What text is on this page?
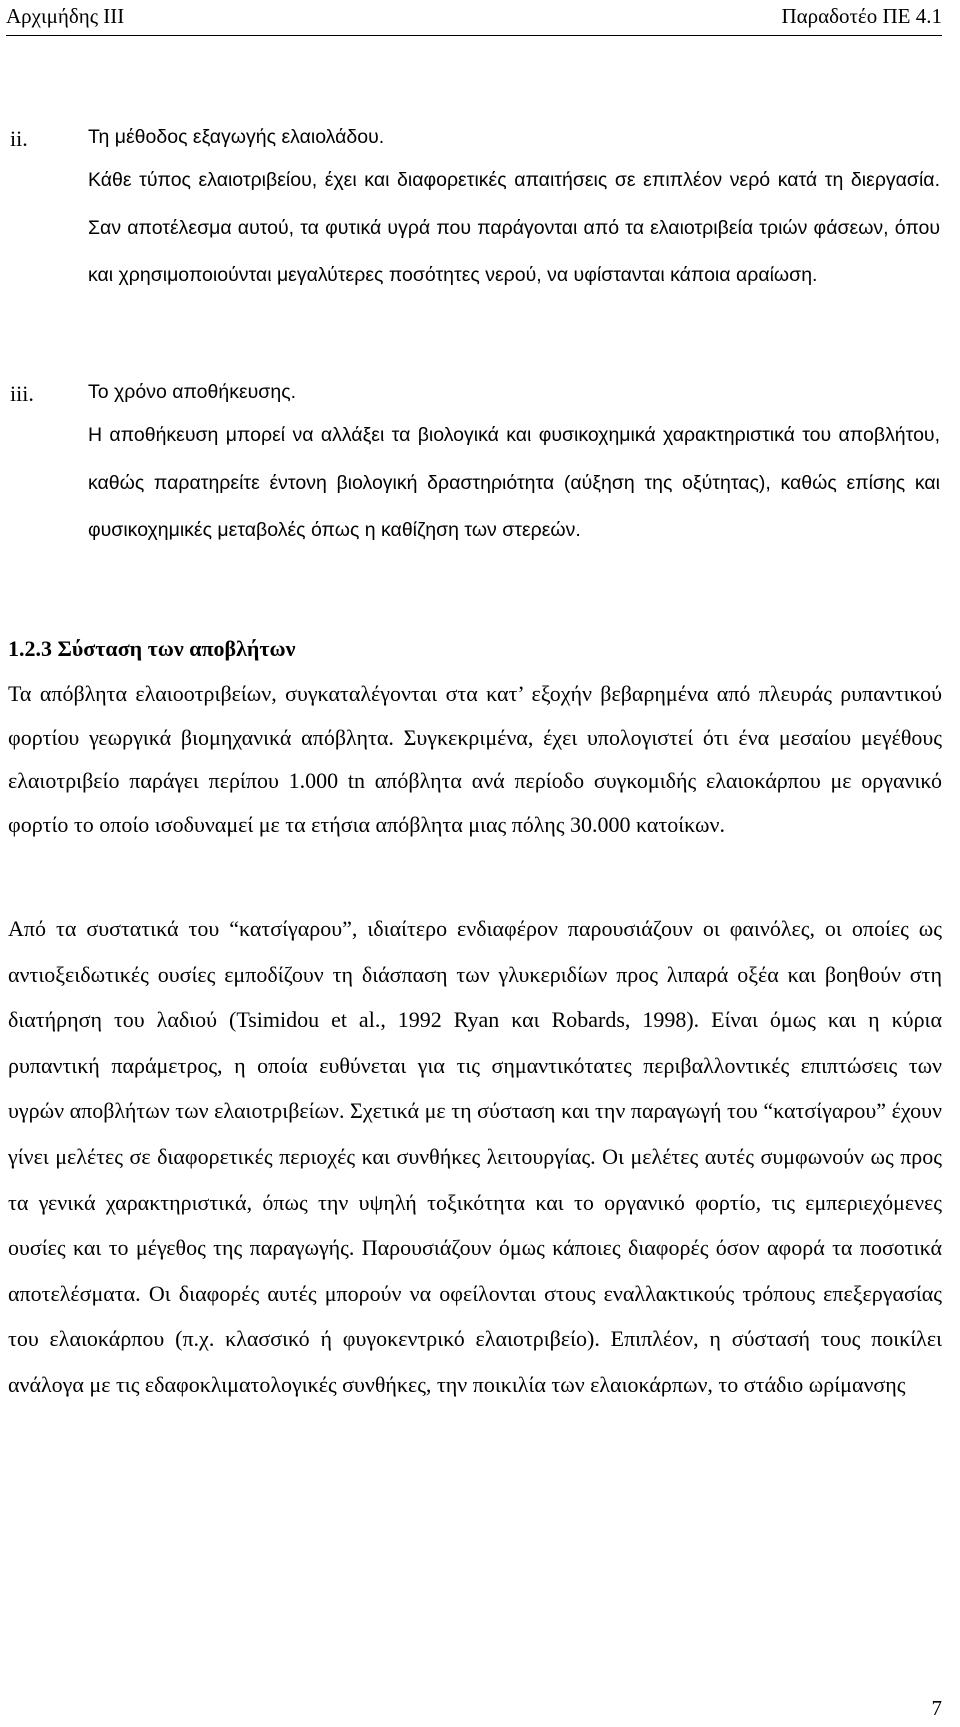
Αρχιμήδης ΙΙΙ	Παραδοτέο ΠΕ 4.1
ii.	Τη μέθοδος εξαγωγής ελαιολάδου.
Κάθε τύπος ελαιοτριβείου, έχει και διαφορετικές απαιτήσεις σε επιπλέον νερό κατά τη διεργασία. Σαν αποτέλεσμα αυτού, τα φυτικά υγρά που παράγονται από τα ελαιοτριβεία τριών φάσεων, όπου και χρησιμοποιούνται μεγαλύτερες ποσότητες νερού, να υφίστανται κάποια αραίωση.
iii.	Το χρόνο αποθήκευσης.
Η αποθήκευση μπορεί να αλλάξει τα βιολογικά και φυσικοχημικά χαρακτηριστικά του αποβλήτου, καθώς παρατηρείτε έντονη βιολογική δραστηριότητα (αύξηση της οξύτητας), καθώς επίσης και φυσικοχημικές μεταβολές όπως η καθίζηση των στερεών.
1.2.3 Σύσταση των αποβλήτων
Τα απόβλητα ελαιοοτριβείων, συγκαταλέγονται στα κατ’ εξοχήν βεβαρημένα από πλευράς ρυπαντικού φορτίου γεωργικά βιομηχανικά απόβλητα. Συγκεκριμένα, έχει υπολογιστεί ότι ένα μεσαίου μεγέθους ελαιοτριβείο παράγει περίπου 1.000 tn απόβλητα ανά περίοδο συγκομιδής ελαιοκάρπου με οργανικό φορτίο το οποίο ισοδυναμεί με τα ετήσια απόβλητα μιας πόλης 30.000 κατοίκων.
Από τα συστατικά του “κατσίγαρου”, ιδιαίτερο ενδιαφέρον παρουσιάζουν οι φαινόλες, οι οποίες ως αντιοξειδωτικές ουσίες εμποδίζουν τη διάσπαση των γλυκεριδίων προς λιπαρά οξέα και βοηθούν στη διατήρηση του λαδιού (Tsimidou et al., 1992 Ryan και Robards, 1998). Είναι όμως και η κύρια ρυπαντική παράμετρος, η οποία ευθύνεται για τις σημαντικότατες περιβαλλοντικές επιπτώσεις των υγρών αποβλήτων των ελαιοτριβείων. Σχετικά με τη σύσταση και την παραγωγή του “κατσίγαρου” έχουν γίνει μελέτες σε διαφορετικές περιοχές και συνθήκες λειτουργίας. Οι μελέτες αυτές συμφωνούν ως προς τα γενικά χαρακτηριστικά, όπως την υψηλή τοξικότητα και το οργανικό φορτίο, τις εμπεριεχόμενες ουσίες και το μέγεθος της παραγωγής. Παρουσιάζουν όμως κάποιες διαφορές όσον αφορά τα ποσοτικά αποτελέσματα. Οι διαφορές αυτές μπορούν να οφείλονται στους εναλλακτικούς τρόπους επεξεργασίας του ελαιοκάρπου (π.χ. κλασσικό ή φυγοκεντρικό ελαιοτριβείο). Επιπλέον, η σύστασή τους ποικίλει ανάλογα με τις εδαφοκλιματολογικές συνθήκες, την ποικιλία των ελαιοκάρπων, το στάδιο ωρίμανσης
7
